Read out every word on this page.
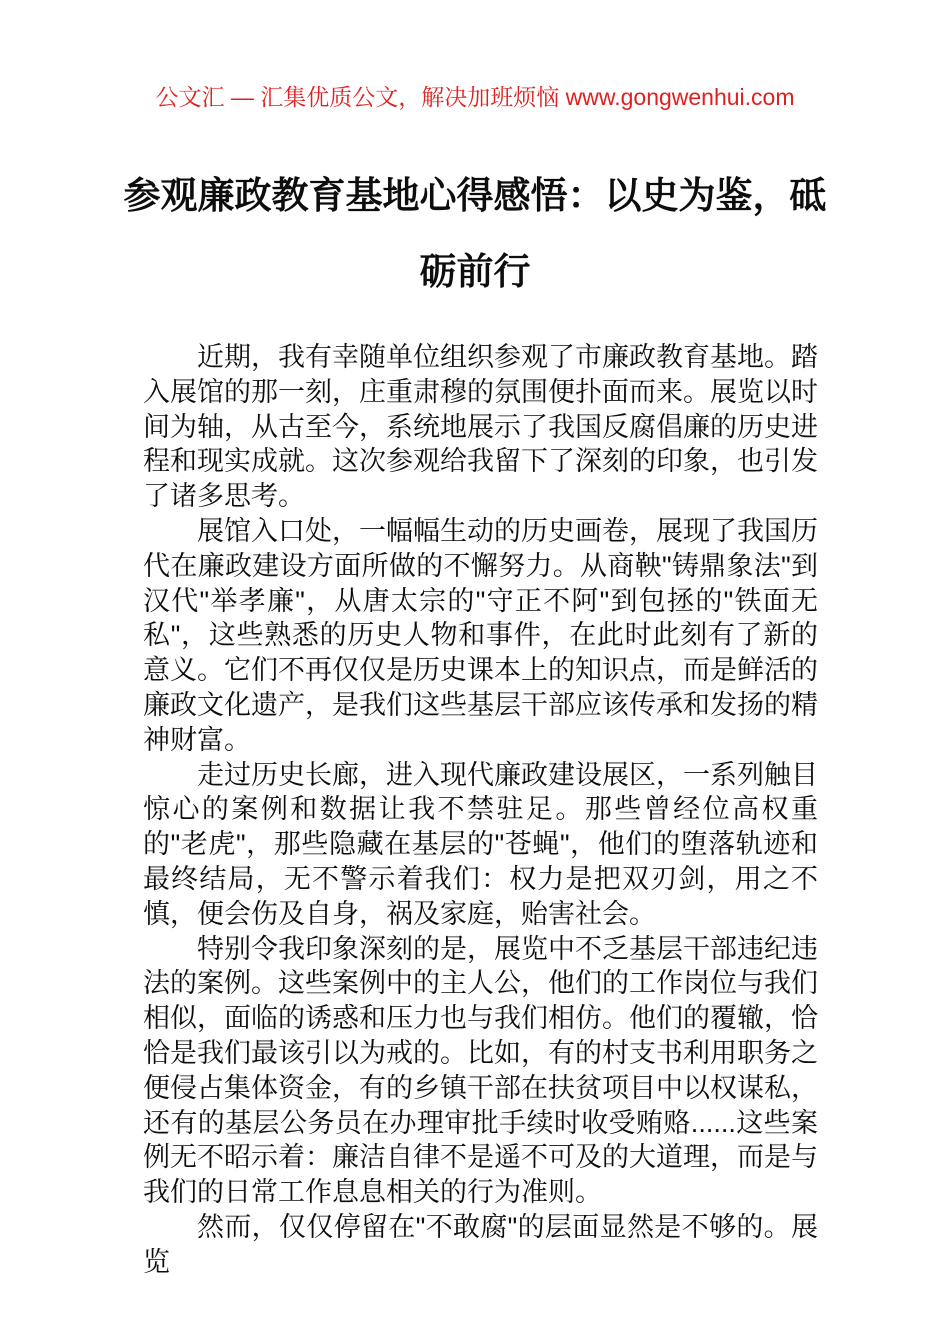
公文汇 — 汇集优质公文，解决加班烦恼 www.gongwenhui.com
参观廉政教育基地心得感悟：以史为鉴，砥砺前行

近期，我有幸随单位组织参观了市廉政教育基地。踏入展馆的那一刻，庄重肃穆的氛围便扑面而来。展览以时间为轴，从古至今，系统地展示了我国反腐倡廉的历史进程和现实成就。这次参观给我留下了深刻的印象，也引发了诸多思考。

展馆入口处，一幅幅生动的历史画卷，展现了我国历代在廉政建设方面所做的不懈努力。从商鞅"铸鼎象法"到汉代"举孝廉"，从唐太宗的"守正不阿"到包拯的"铁面无私"，这些熟悉的历史人物和事件，在此时此刻有了新的意义。它们不再仅仅是历史课本上的知识点，而是鲜活的廉政文化遗产，是我们这些基层干部应该传承和发扬的精神财富。

走过历史长廊，进入现代廉政建设展区，一系列触目惊心的案例和数据让我不禁驻足。那些曾经位高权重的"老虎"，那些隐藏在基层的"苍蝇"，他们的堕落轨迹和最终结局，无不警示着我们：权力是把双刃剑，用之不慎，便会伤及自身，祸及家庭，贻害社会。

特别令我印象深刻的是，展览中不乏基层干部违纪违法的案例。这些案例中的主人公，他们的工作岗位与我们相似，面临的诱惑和压力也与我们相仿。他们的覆辙，恰恰是我们最该引以为戒的。比如，有的村支书利用职务之便侵占集体资金，有的乡镇干部在扶贫项目中以权谋私，还有的基层公务员在办理审批手续时收受贿赂......这些案例无不昭示着：廉洁自律不是遥不可及的大道理，而是与我们的日常工作息息相关的行为准则。

然而，仅仅停留在"不敢腐"的层面显然是不够的。展览
